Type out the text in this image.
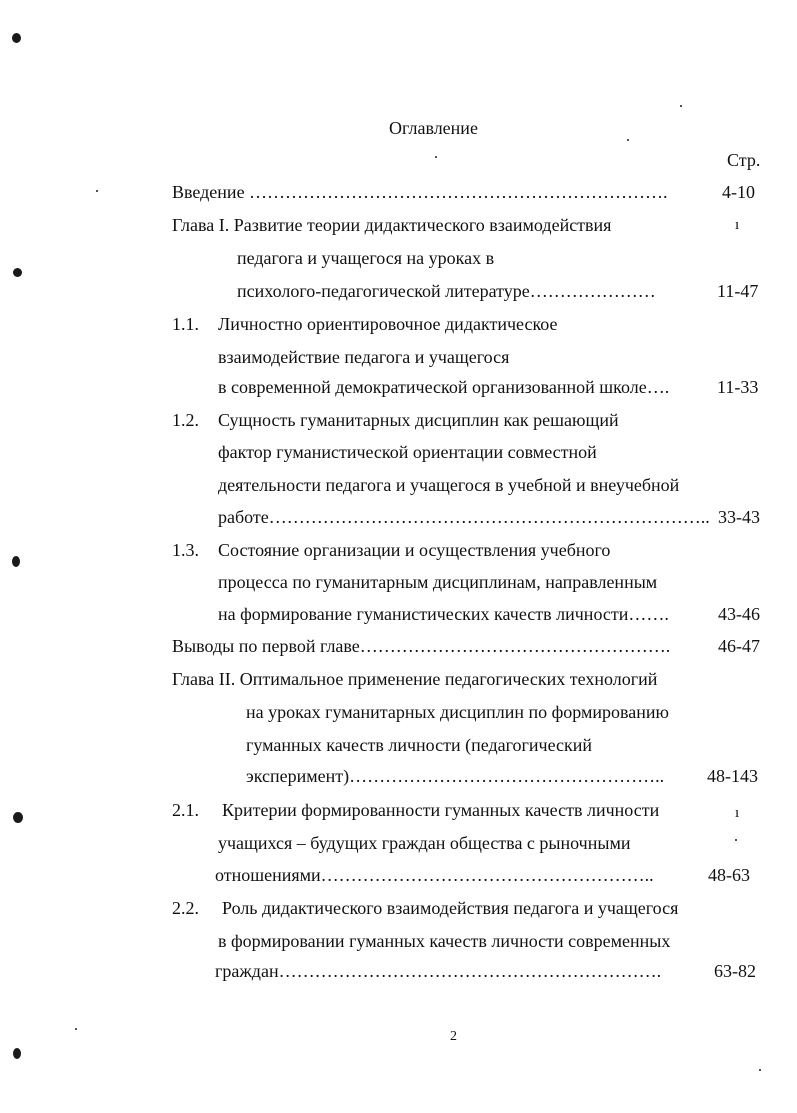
Оглавление
Стр.
Введение …………………………………………………………….	4-10
Глава I. Развитие теории дидактического взаимодействия
педагога и учащегося на уроках в
психолого-педагогической литературе…………………	11-47
ı
1.1. Личностно ориентировочное дидактическое
взаимодействие педагога и учащегося
в современной демократической организованной школе….	11-33
1.2. Сущность гуманитарных дисциплин как решающий
фактор гуманистической ориентации совместной
деятельности педагога и учащегося в учебной и внеучебной
работе……………………………………………………………….. 33-43
1.3. Состояние организации и осуществления учебного
процесса по гуманитарным дисциплинам, направленным
на формирование гуманистических качеств личности…….	43-46
Выводы по первой главе…………………………………………….	46-47
Глава II. Оптимальное применение педагогических технологий
на уроках гуманитарных дисциплин по формированию
гуманных качеств личности (педагогический
эксперимент)…………………………………………….. 48-143
2.1. Критерии формированности гуманных качеств личности
учащихся – будущих граждан общества с рыночными
отношениями………………………………………………..	48-63
ı
2.2. Роль дидактического взаимодействия педагога и учащегося
в формировании гуманных качеств личности современных
граждан……………………………………………………….	63-82
2
